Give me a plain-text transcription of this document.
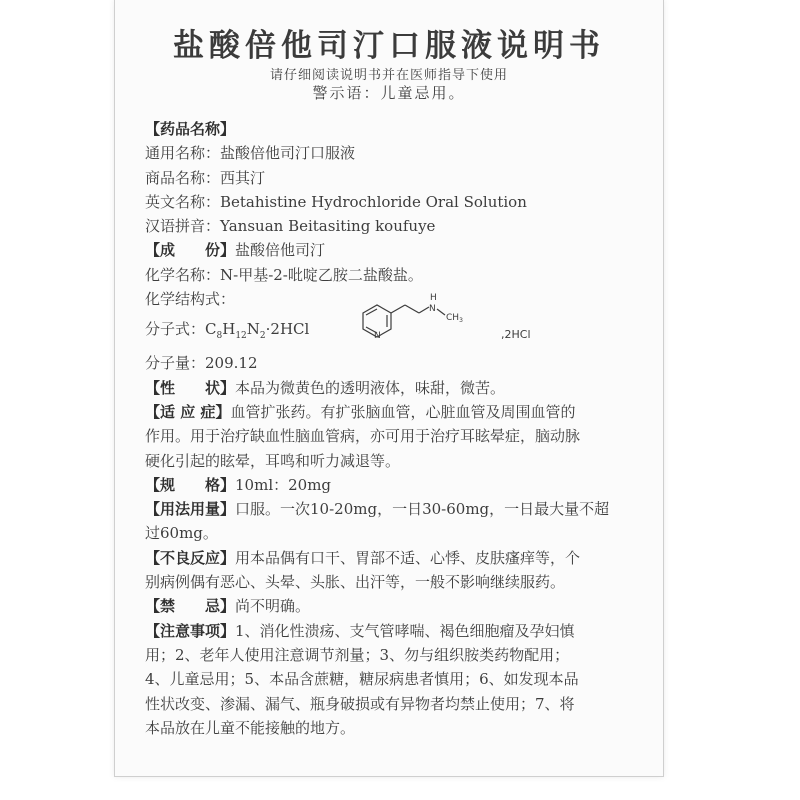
盐酸倍他司汀口服液说明书
请仔细阅读说明书并在医师指导下使用
警示语：儿童忌用。
【药品名称】
通用名称：盐酸倍他司汀口服液
商品名称：西其汀
英文名称：Betahistine Hydrochloride Oral Solution
汉语拼音：Yansuan Beitasiting koufuye
【成　　份】盐酸倍他司汀
化学名称：N-甲基-2-吡啶乙胺二盐酸盐。
化学结构式：
分子式：$C_8H_{12}N_2\cdot 2HCl$	N
H
N
$CH_3$
,2HCl
分子量：209.12
【性　　状】本品为微黄色的透明液体，味甜，微苦。
【适 应 症】血管扩张药。有扩张脑血管，心脏血管及周围血管的
作用。用于治疗缺血性脑血管病，亦可用于治疗耳眩晕症，脑动脉
硬化引起的眩晕，耳鸣和听力减退等。
【规　　格】10ml：20mg
【用法用量】口服。一次10-20mg，一日30-60mg，一日最大量不超
过60mg。
【不良反应】用本品偶有口干、胃部不适、心悸、皮肤瘙痒等，个
别病例偶有恶心、头晕、头胀、出汗等，一般不影响继续服药。
【禁　　忌】尚不明确。
【注意事项】1、消化性溃疡、支气管哮喘、褐色细胞瘤及孕妇慎
用；2、老年人使用注意调节剂量；3、勿与组织胺类药物配用；
4、儿童忌用；5、本品含蔗糖，糖尿病患者慎用；6、如发现本品
性状改变、渗漏、漏气、瓶身破损或有异物者均禁止使用；7、将
本品放在儿童不能接触的地方。
